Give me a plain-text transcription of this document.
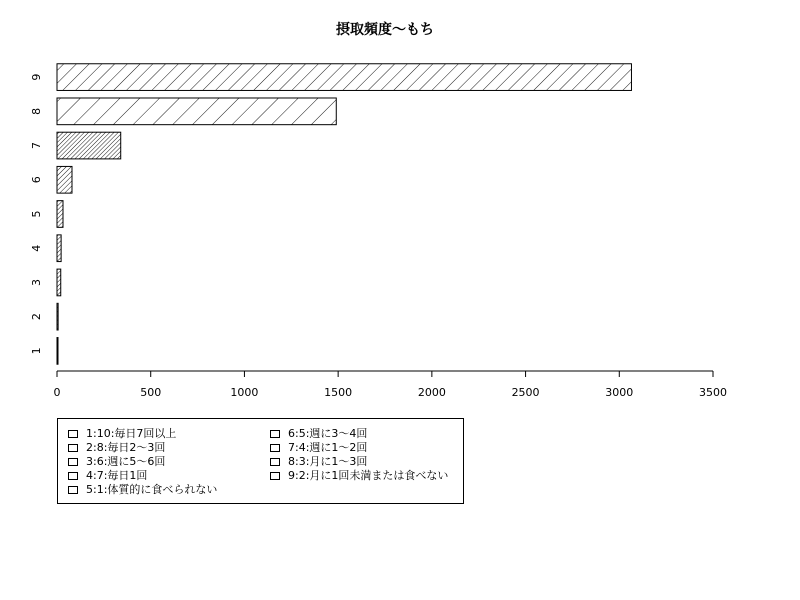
摂取頻度〜もち
1
2
3
4
5
6
7
8
9
0	500	1000	1500	2000	2500	3000	3500
1:10:毎日7回以上
2:8:毎日2〜3回
3:6:週に5〜6回
4:7:毎日1回
5:1:体質的に食べられない
6:5:週に3〜4回
7:4:週に1〜2回
8:3:月に1〜3回
9:2:月に1回未満または食べない
